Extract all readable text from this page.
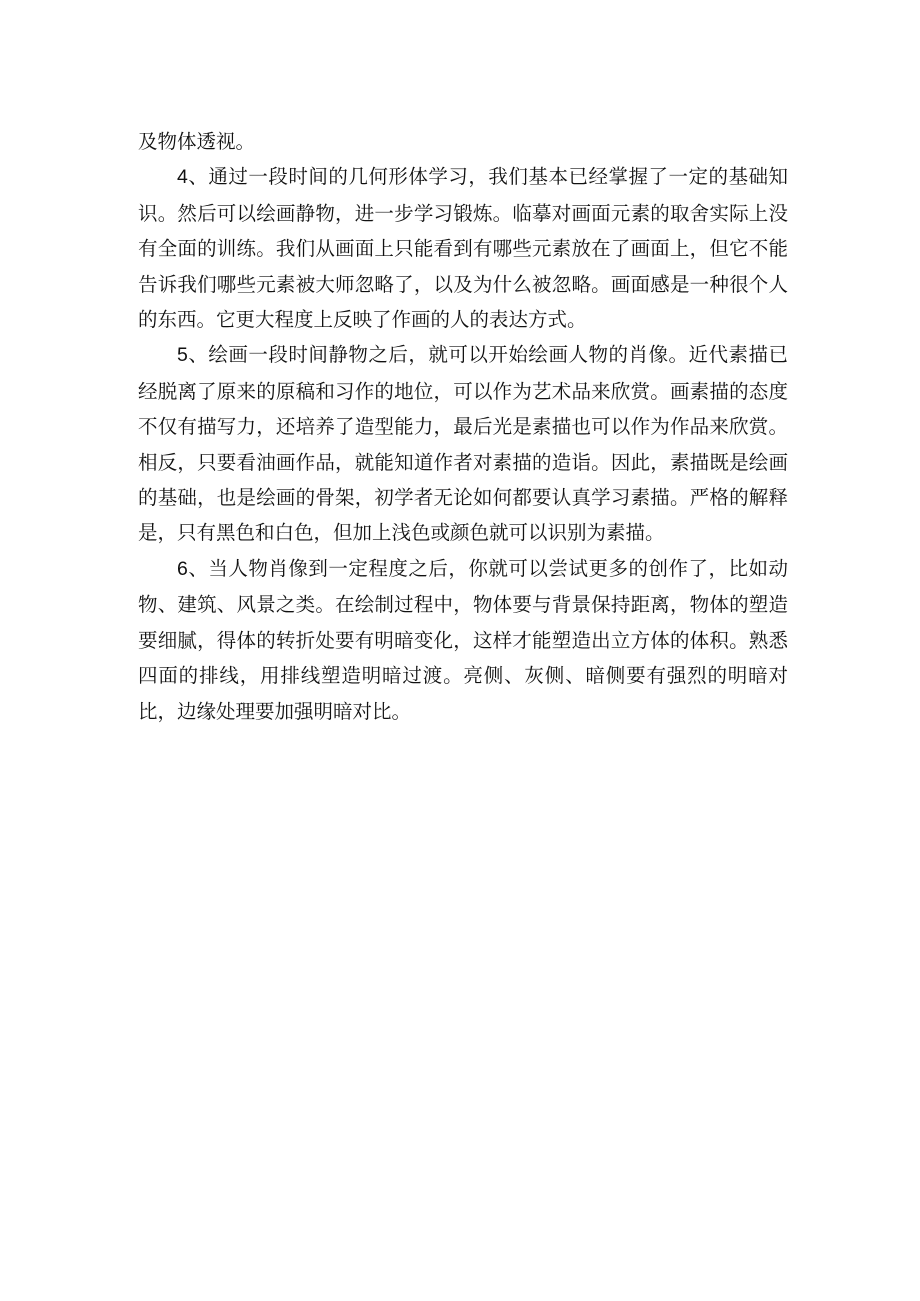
及物体透视。

4、通过一段时间的几何形体学习，我们基本已经掌握了一定的基础知识。然后可以绘画静物，进一步学习锻炼。临摹对画面元素的取舍实际上没有全面的训练。我们从画面上只能看到有哪些元素放在了画面上，但它不能告诉我们哪些元素被大师忽略了，以及为什么被忽略。画面感是一种很个人的东西。它更大程度上反映了作画的人的表达方式。

5、绘画一段时间静物之后，就可以开始绘画人物的肖像。近代素描已经脱离了原来的原稿和习作的地位，可以作为艺术品来欣赏。画素描的态度不仅有描写力，还培养了造型能力，最后光是素描也可以作为作品来欣赏。相反，只要看油画作品，就能知道作者对素描的造诣。因此，素描既是绘画的基础，也是绘画的骨架，初学者无论如何都要认真学习素描。严格的解释是，只有黑色和白色，但加上浅色或颜色就可以识别为素描。

6、当人物肖像到一定程度之后，你就可以尝试更多的创作了，比如动物、建筑、风景之类。在绘制过程中，物体要与背景保持距离，物体的塑造要细腻，得体的转折处要有明暗变化，这样才能塑造出立方体的体积。熟悉四面的排线，用排线塑造明暗过渡。亮侧、灰侧、暗侧要有强烈的明暗对比，边缘处理要加强明暗对比。
